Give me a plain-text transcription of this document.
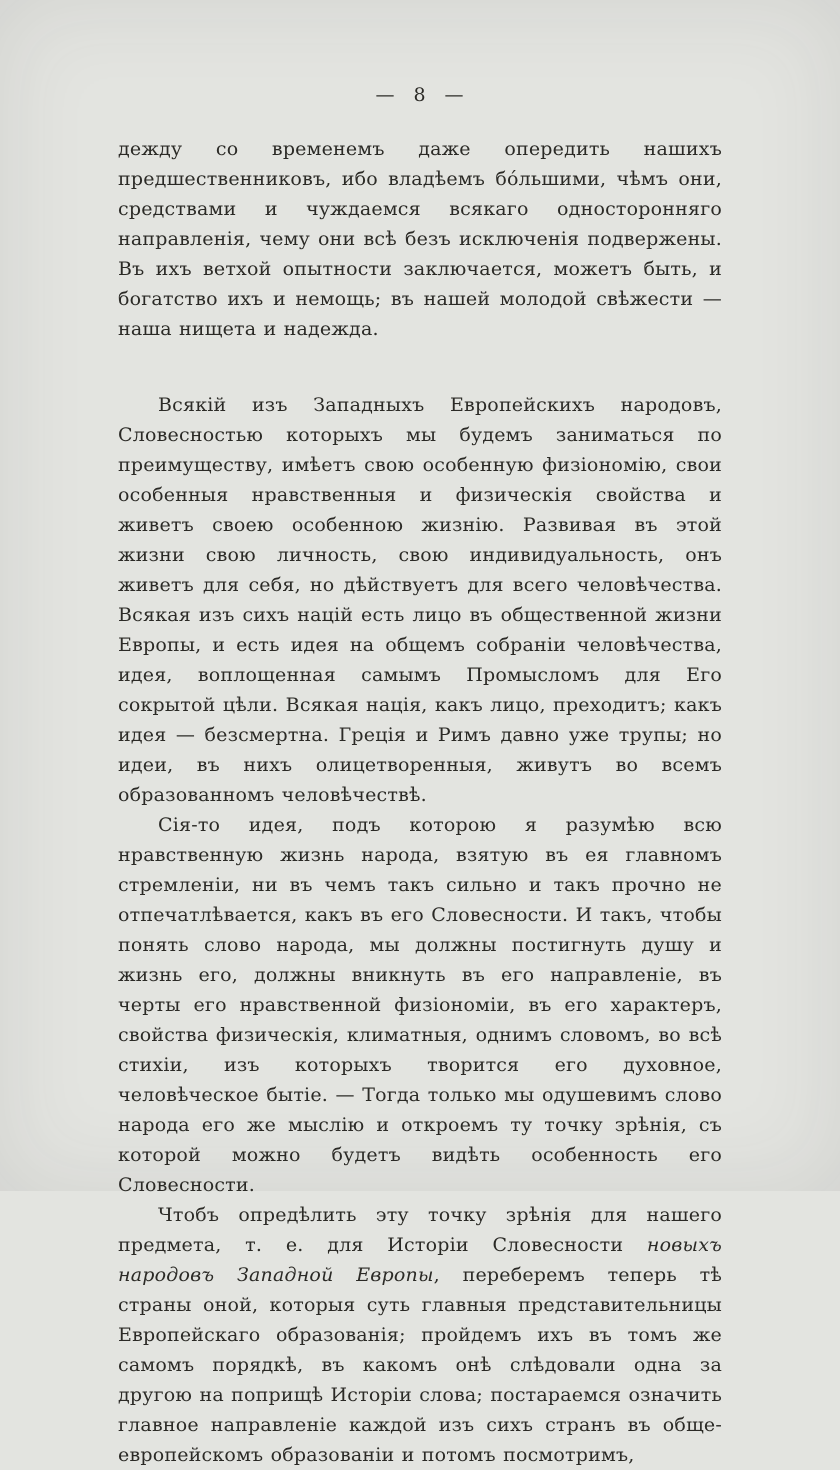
— 8 —

дежду со временемъ даже опередить нашихъ предшественниковъ, ибо владѣемъ бо́льшими, чѣмъ они, средствами и чуждаемся всякаго односторонняго направленія, чему они всѣ безъ исключенія подвержены. Въ ихъ ветхой опытности заключается, можетъ быть, и богатство ихъ и немощь; въ нашей молодой свѣжести — наша нищета и надежда.

Всякій изъ Западныхъ Европейскихъ народовъ, Словесностью которыхъ мы будемъ заниматься по преимуществу, имѣетъ свою особенную физіономію, свои особенныя нравственныя и физическія свойства и живетъ своею особенною жизнію. Развивая въ этой жизни свою личность, свою индивидуальность, онъ живетъ для себя, но дѣйствуетъ для всего человѣчества. Всякая изъ сихъ націй есть лицо въ общественной жизни Европы, и есть идея на общемъ собраніи человѣчества, идея, воплощенная самымъ Промысломъ для Его сокрытой цѣли. Всякая нація, какъ лицо, преходитъ; какъ идея — безсмертна. Греція и Римъ давно уже трупы; но идеи, въ нихъ олицетворенныя, живутъ во всемъ образованномъ человѣчествѣ.

Сія-то идея, подъ которою я разумѣю всю нравственную жизнь народа, взятую въ ея главномъ стремленіи, ни въ чемъ такъ сильно и такъ прочно не отпечатлѣвается, какъ въ его Словесности. И такъ, чтобы понять слово народа, мы должны постигнуть душу и жизнь его, должны вникнуть въ его направленіе, въ черты его нравственной физіономіи, въ его характеръ, свойства физическія, климатныя, однимъ словомъ, во всѣ стихіи, изъ которыхъ творится его духовное, человѣческое бытіе. — Тогда только мы одушевимъ слово народа его же мыслію и откроемъ ту точку зрѣнія, съ которой можно будетъ видѣть особенность его Словесности.

Чтобъ опредѣлить эту точку зрѣнія для нашего предмета, т. е. для Исторіи Словесности новыхъ народовъ Западной Европы, переберемъ теперь тѣ страны оной, которыя суть главныя представительницы Европейскаго образованія; пройдемъ ихъ въ томъ же самомъ порядкѣ, въ какомъ онѣ слѣдовали одна за другою на поприщѣ Исторіи слова; постараемся означить главное направленіе каждой изъ сихъ странъ въ обще-европейскомъ образованіи и потомъ посмотримъ,
